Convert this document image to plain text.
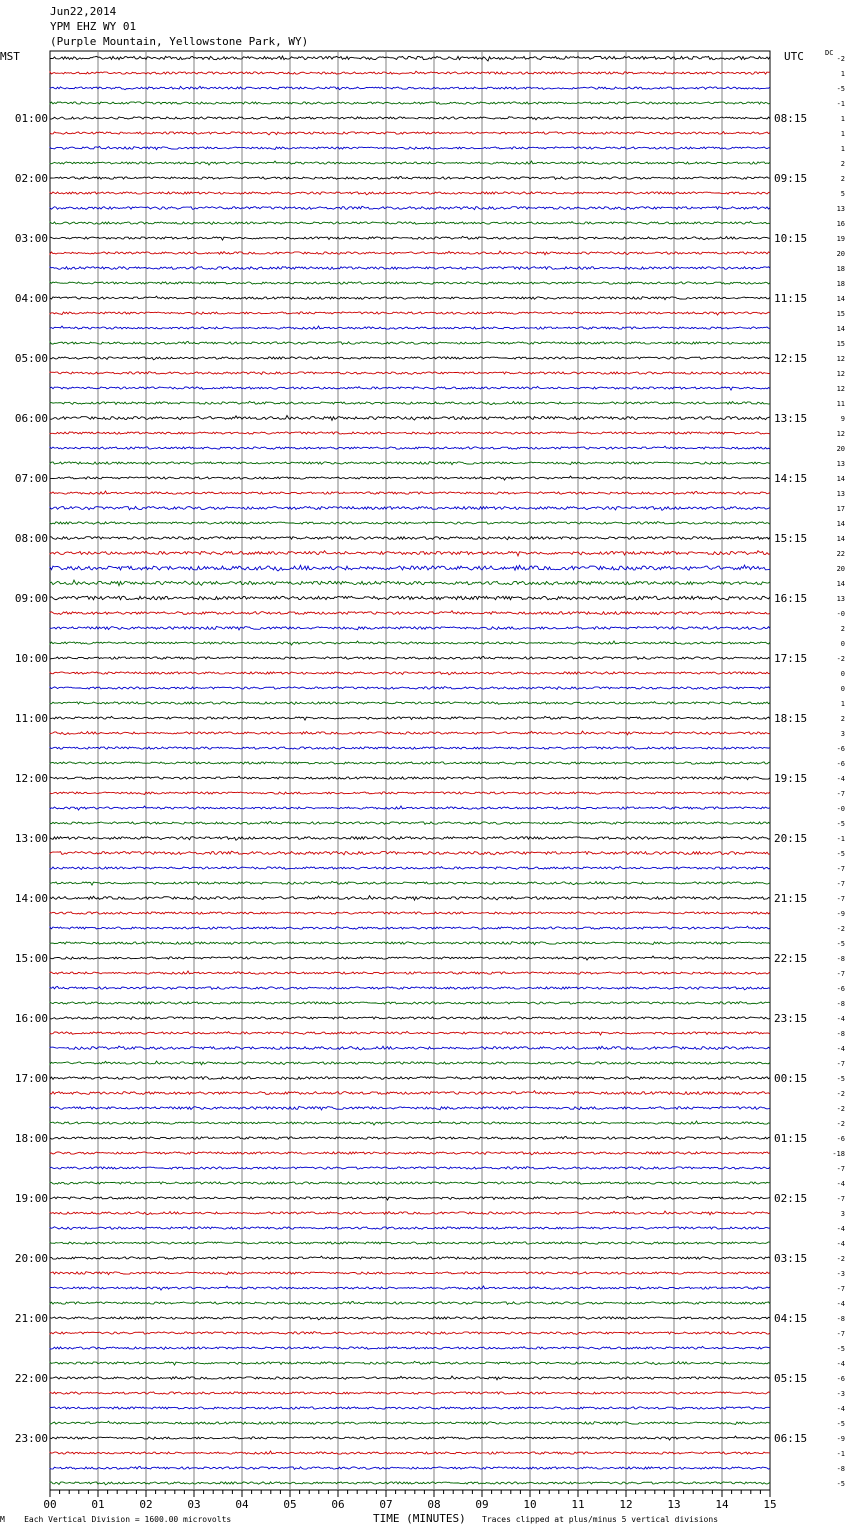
Jun22,2014
YPM EHZ WY 01
(Purple Mountain, Yellowstone Park, WY)
MST	UTC	DC
-2
1
-5
-1
1
1
1
2
2
5
13
16
19
20
18
18
14
15
14
15
12
12
12
11
9
12
20
13
14
13
17
14
14
22
20
14
13
-0
2
0
-2
0
0
1
2
3
-6
-6
-4
-7
-0
-5
-1
-5
-7
-7
-7
-9
-2
-5
-8
-7
-6
-8
-4
-8
-4
-7
-5
-2
-2
-2
-6
-18
-7
-4
-7
3
-4
-4
-2
-3
-7
-4
-8
-7
-5
-4
-6
-3
-4
-5
-9
-1
-8
-5
01:00
02:00
03:00
04:00
05:00
06:00
07:00
08:00
09:00
10:00
11:00
12:00
13:00
14:00
15:00
16:00
17:00
18:00
19:00
20:00
21:00
22:00
23:00
08:15
09:15
10:15
11:15
12:15
13:15
14:15
15:15
16:15
17:15
18:15
19:15
20:15
21:15
22:15
23:15
00:15
01:15
02:15
03:15
04:15
05:15
06:15
00	01	02	03	04	05	06	07	08	09	10	11	12	13	14	15
M Each Vertical Division = 1600.00 microvolts	TIME (MINUTES) Traces clipped at plus/minus 5 vertical divisions
